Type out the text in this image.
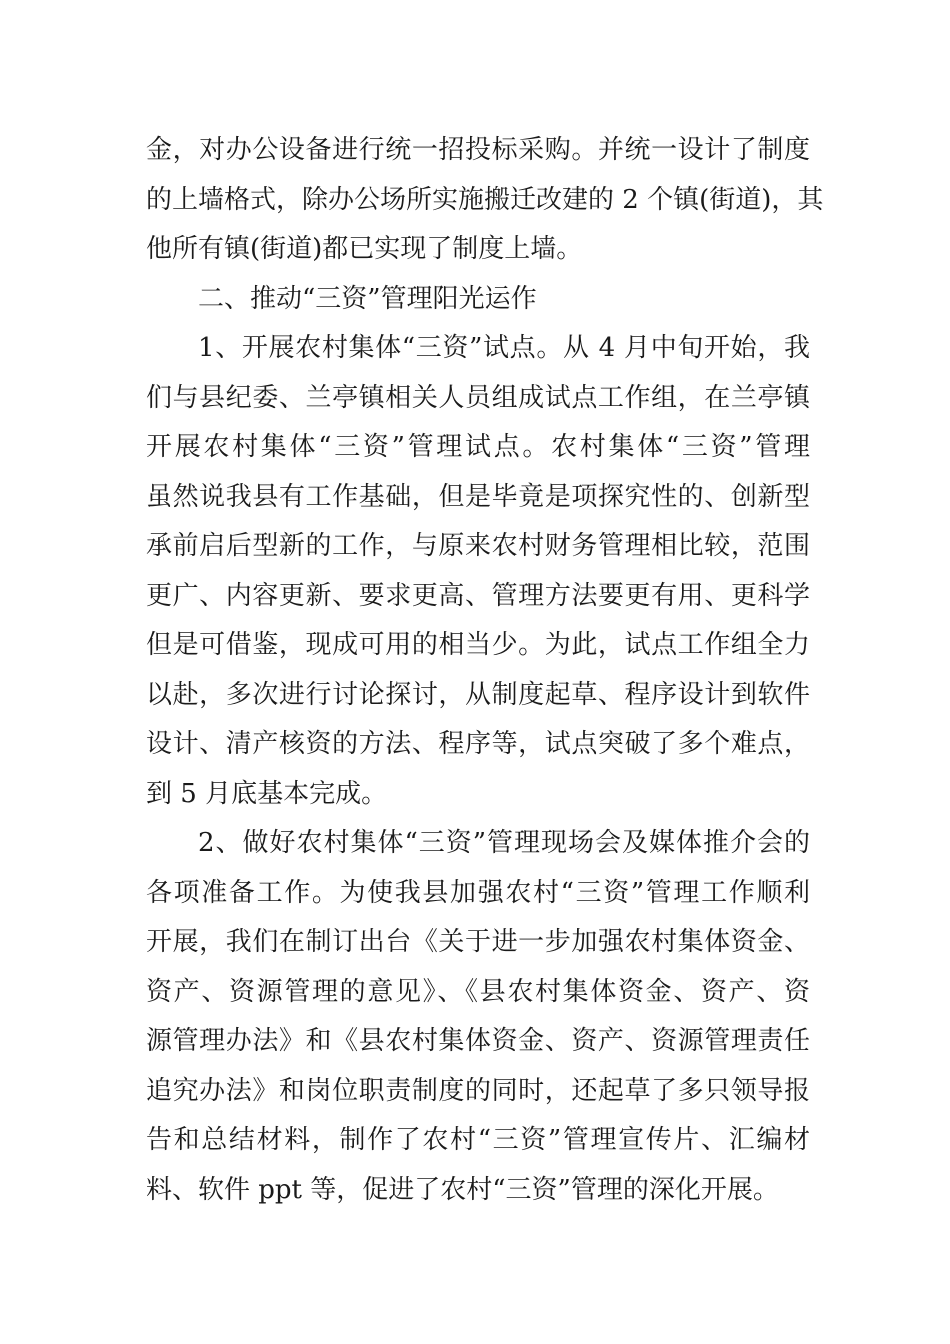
金，对办公设备进行统一招投标采购。并统一设计了制度
的上墙格式，除办公场所实施搬迁改建的 2 个镇(街道)，其
他所有镇(街道)都已实现了制度上墙。
二、推动“三资”管理阳光运作
1、开展农村集体“三资”试点。从 4 月中旬开始，我
们与县纪委、兰亭镇相关人员组成试点工作组，在兰亭镇
开展农村集体“三资”管理试点。农村集体“三资”管理
虽然说我县有工作基础，但是毕竟是项探究性的、创新型
承前启后型新的工作，与原来农村财务管理相比较，范围
更广、内容更新、要求更高、管理方法要更有用、更科学
但是可借鉴，现成可用的相当少。为此，试点工作组全力
以赴，多次进行讨论探讨，从制度起草、程序设计到软件
设计、清产核资的方法、程序等，试点突破了多个难点，
到 5 月底基本完成。
2、做好农村集体“三资”管理现场会及媒体推介会的
各项准备工作。为使我县加强农村“三资”管理工作顺利
开展，我们在制订出台《关于进一步加强农村集体资金、
资产、资源管理的意见》、《县农村集体资金、资产、资
源管理办法》和《县农村集体资金、资产、资源管理责任
追究办法》和岗位职责制度的同时，还起草了多只领导报
告和总结材料，制作了农村“三资”管理宣传片、汇编材
料、软件 ppt 等，促进了农村“三资”管理的深化开展。
